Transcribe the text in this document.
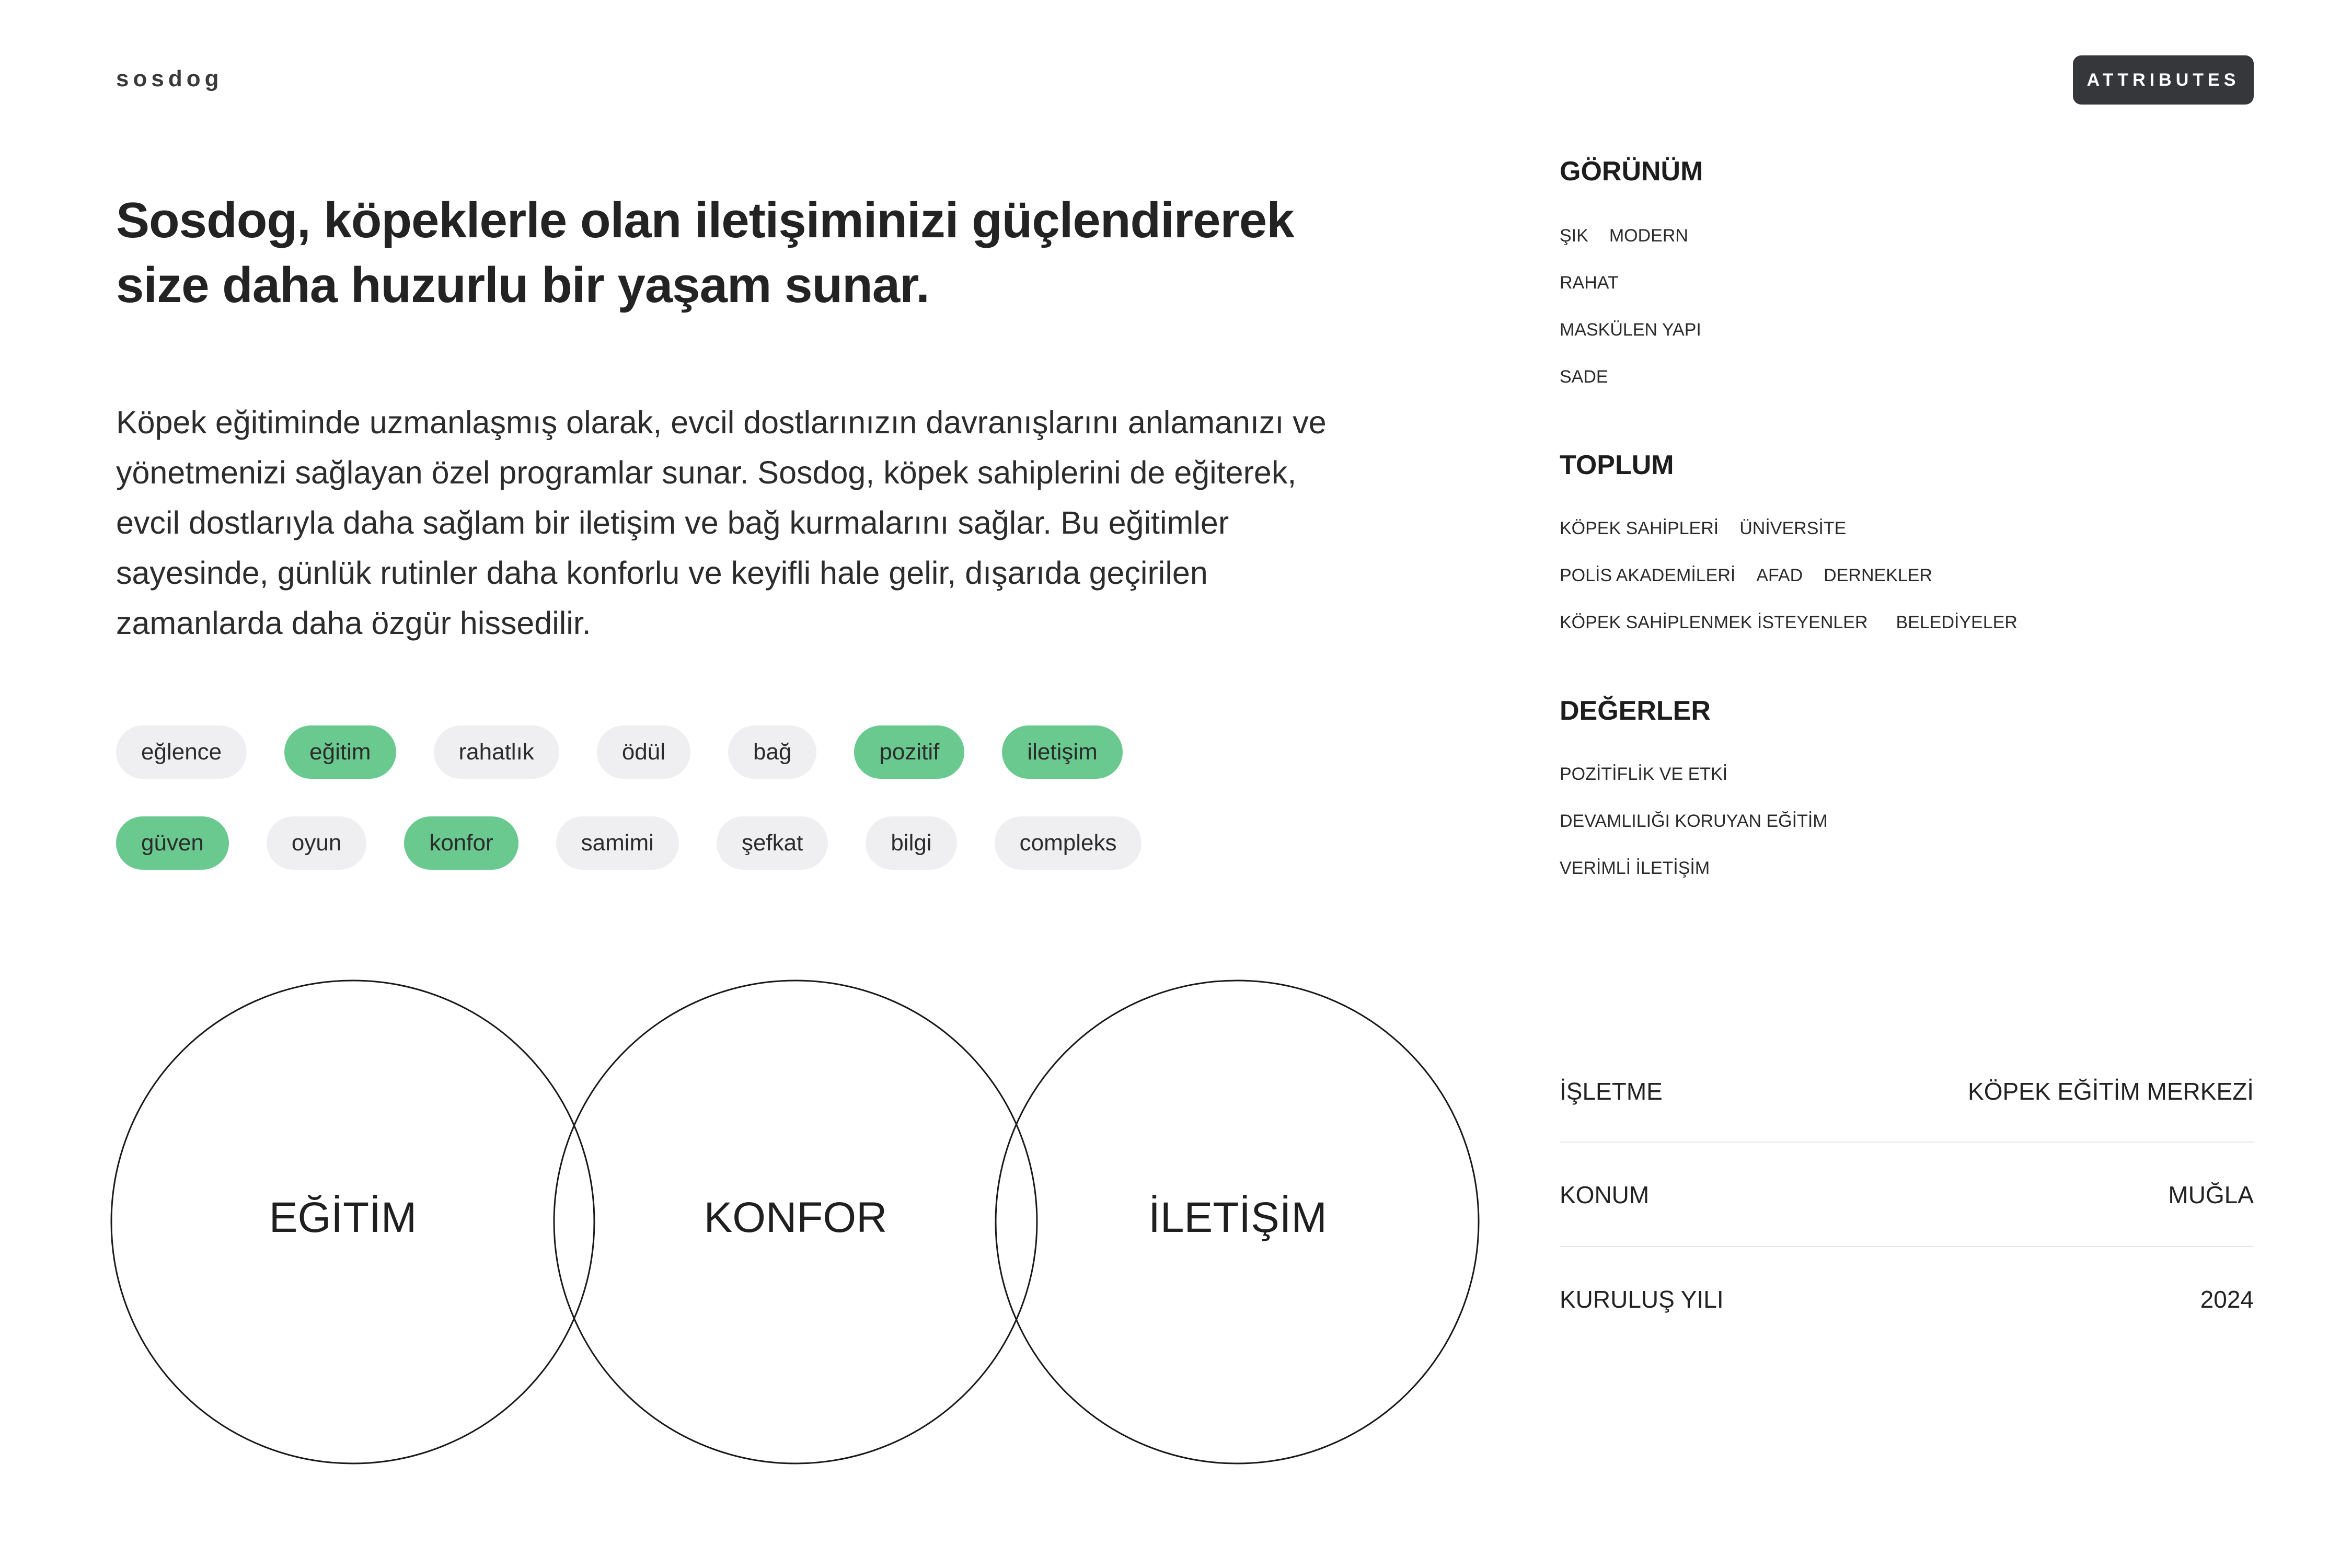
sosdog	ATTRIBUTES
Sosdog, köpeklerle olan iletişiminizi güçlendirerek size daha huzurlu bir yaşam sunar.

Köpek eğitiminde uzmanlaşmış olarak, evcil dostlarınızın davranışlarını anlamanızı ve yönetmenizi sağlayan özel programlar sunar. Sosdog, köpek sahiplerini de eğiterek, evcil dostlarıyla daha sağlam bir iletişim ve bağ kurmalarını sağlar. Bu eğitimler sayesinde, günlük rutinler daha konforlu ve keyifli hale gelir, dışarıda geçirilen zamanlarda daha özgür hissedilir.

eğlence	eğitim	rahatlık	ödül	bağ	pozitif	iletişim
güven	oyun	konfor	samimi	şefkat	bilgi	compleks
EĞİTİM	KONFOR	İLETİŞİM
GÖRÜNÜM
ŞIK MODERN
RAHAT
MASKÜLEN YAPI
SADE
TOPLUM
KÖPEK SAHİPLERİ ÜNİVERSİTE
POLİS AKADEMİLERİ AFAD DERNEKLER
KÖPEK SAHİPLENMEK İSTEYENLER BELEDİYELER
DEĞERLER
POZİTİFLİK VE ETKİ
DEVAMLILIĞI KORUYAN EĞİTİM
VERİMLİ İLETİŞİM
İŞLETME	KÖPEK EĞİTİM MERKEZİ
KONUM	MUĞLA
KURULUŞ YILI	2024
